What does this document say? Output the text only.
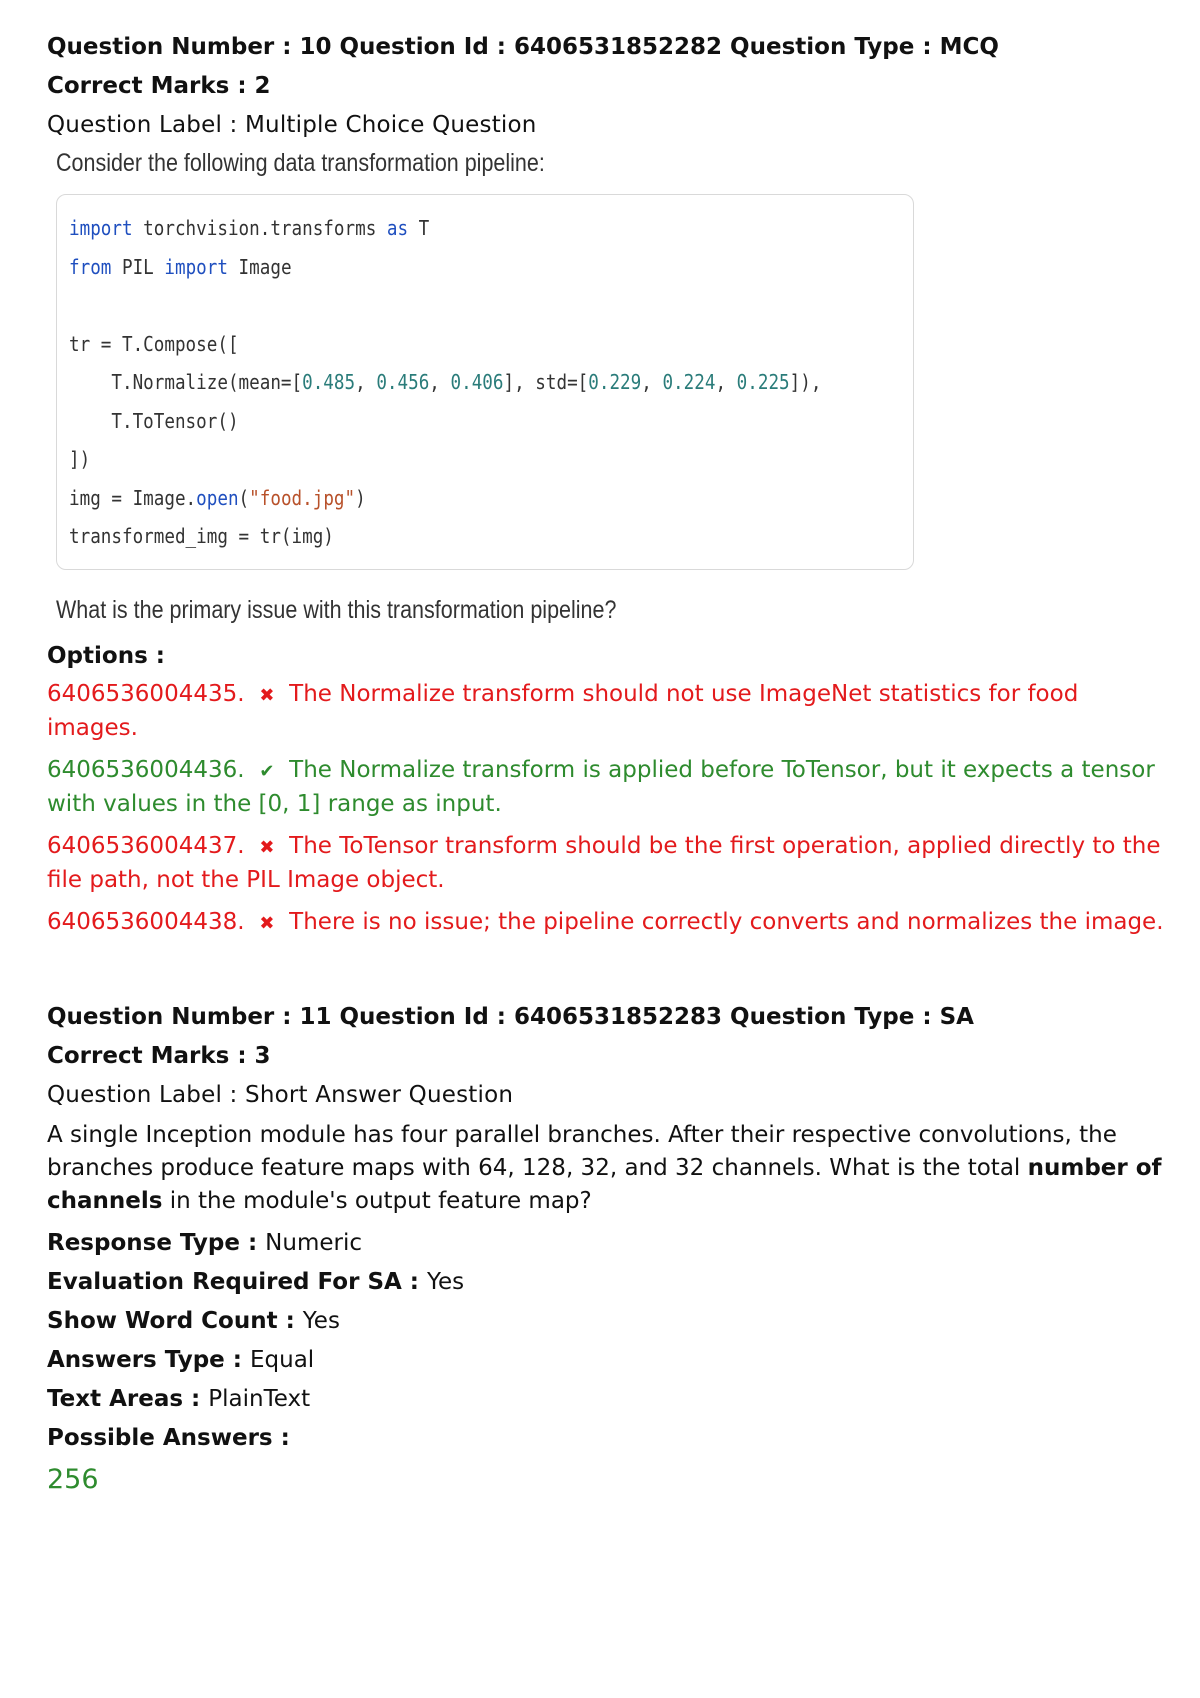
Question Number : 10 Question Id : 6406531852282 Question Type : MCQ
Correct Marks : 2
Question Label : Multiple Choice Question
Consider the following data transformation pipeline:
import torchvision.transforms as T
from PIL import Image

tr = T.Compose([
T.Normalize(mean=[0.485, 0.456, 0.406], std=[0.229, 0.224, 0.225]),
T.ToTensor()
])
img = Image.open("food.jpg")
transformed_img = tr(img)
What is the primary issue with this transformation pipeline?
Options :
6406536004435. ✖ The Normalize transform should not use ImageNet statistics for food images.
6406536004436. ✔ The Normalize transform is applied before ToTensor, but it expects a tensor
with values in the [0, 1] range as input.
6406536004437. ✖ The ToTensor transform should be the first operation, applied directly to the
file path, not the PIL Image object.
6406536004438. ✖ There is no issue; the pipeline correctly converts and normalizes the image.
Question Number : 11 Question Id : 6406531852283 Question Type : SA
Correct Marks : 3
Question Label : Short Answer Question
A single Inception module has four parallel branches. After their respective convolutions, the
branches produce feature maps with 64, 128, 32, and 32 channels. What is the total number of
channels in the module's output feature map?
Response Type : Numeric
Evaluation Required For SA : Yes
Show Word Count : Yes
Answers Type : Equal
Text Areas : PlainText
Possible Answers :
256
